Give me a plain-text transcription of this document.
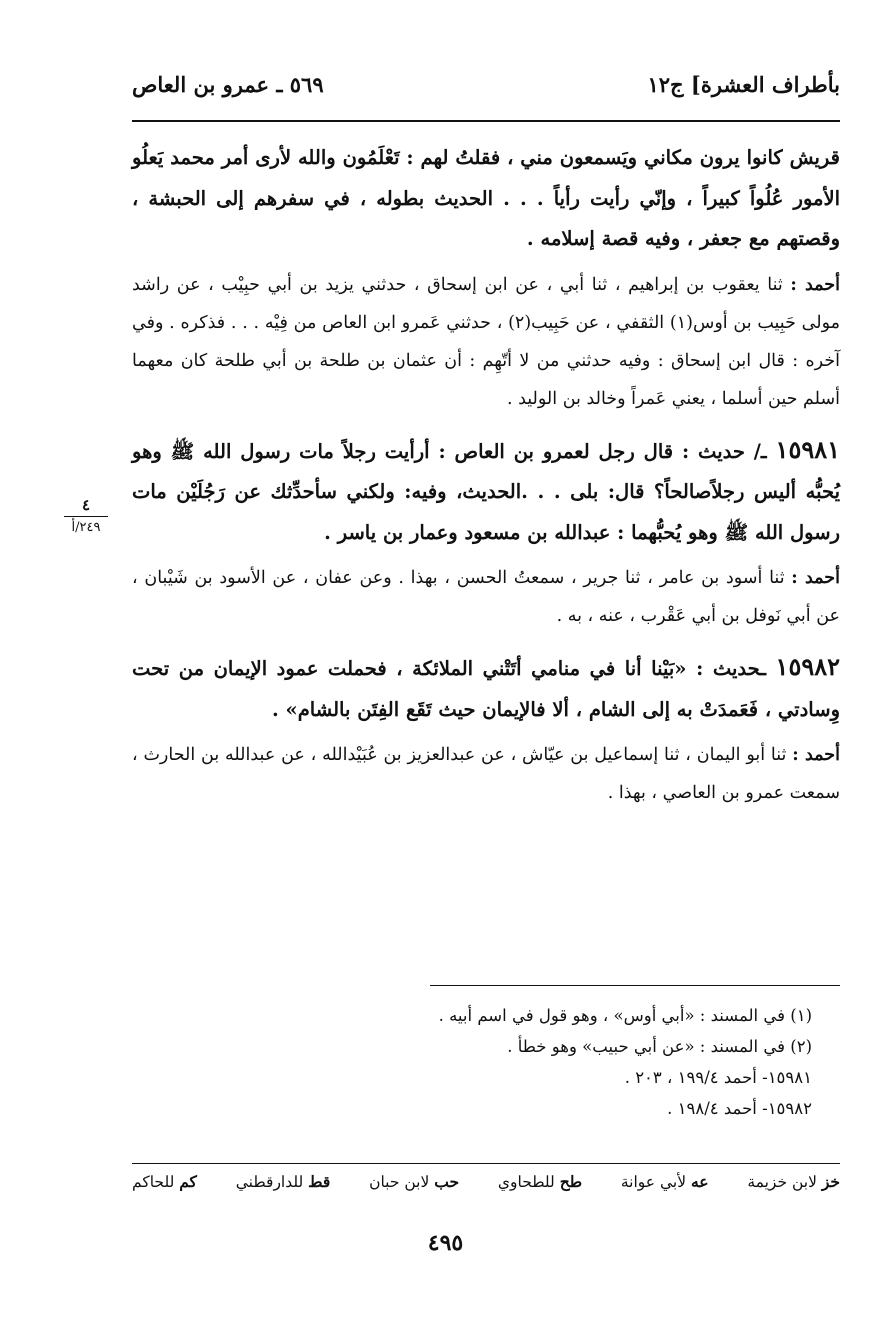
بأطراف العشرة] ج١٢
٥٦٩ ـ عمرو بن العاص
٤
٢٤٩/أ

قريش كانوا يرون مكاني ويَسمعون مني ، فقلتُ لهم : تَعْلَمُون والله لأرى أمر محمد يَعلُو الأمور عُلُواً كبيراً ، وإنّي رأيت رأياً . . . الحديث بطوله ، في سفرهم إلى الحبشة ، وقصتهم مع جعفر ، وفيه قصة إسلامه .

أحمد : ثنا يعقوب بن إبراهيم ، ثنا أبي ، عن ابن إسحاق ، حدثني يزيد بن أبي حبِيْب ، عن راشد مولى حَبِيب بن أوس(١) الثقفي ، عن حَبِيب(٢) ، حدثني عَمرو ابن العاص من فِيْه . . . فذكره . وفي آخره : قال ابن إسحاق : وفيه حدثني من لا أتّهِم : أن عثمان بن طلحة بن أبي طلحة كان معهما أسلم حين أسلما ، يعني عَمراً وخالد بن الوليد .

١٥٩٨١ ـ/ حديث : قال رجل لعمرو بن العاص : أرأيت رجلاً مات رسول الله ﷺ وهو يُحبُّه أليس رجلاًصالحاً؟ قال: بلى . . .الحديث، وفيه: ولكني سأحدِّثك عن رَجُلَيْن مات رسول الله ﷺ وهو يُحبُّهما : عبدالله بن مسعود وعمار بن ياسر .

أحمد : ثنا أسود بن عامر ، ثنا جرير ، سمعتُ الحسن ، بهذا . وعن عفان ، عن الأسود بن شَيْبان ، عن أبي نَوفل بن أبي عَقْرب ، عنه ، به .

١٥٩٨٢ ـحديث : «بَيْنا أنا في منامي أتَتْني الملائكة ، فحملت عمود الإيمان من تحت وِسادتي ، فَعَمدَتْ به إلى الشام ، ألا فالإيمان حيث تَقَع الفِتَن بالشام» .

أحمد : ثنا أبو اليمان ، ثنا إسماعيل بن عيّاش ، عن عبدالعزيز بن عُبَيْدالله ، عن عبدالله بن الحارث ، سمعت عمرو بن العاصي ، بهذا .

(١) في المسند : «أبي أوس» ، وهو قول في اسم أبيه .
(٢) في المسند : «عن أبي حبيب» وهو خطأ .
١٥٩٨١- أحمد ١٩٩/٤ ، ٢٠٣ .
١٥٩٨٢- أحمد ١٩٨/٤ .
خز لابن خزيمة
عه لأبي عوانة
طح للطحاوي
حب لابن حبان
قط للدارقطني
كم للحاكم
٤٩٥
